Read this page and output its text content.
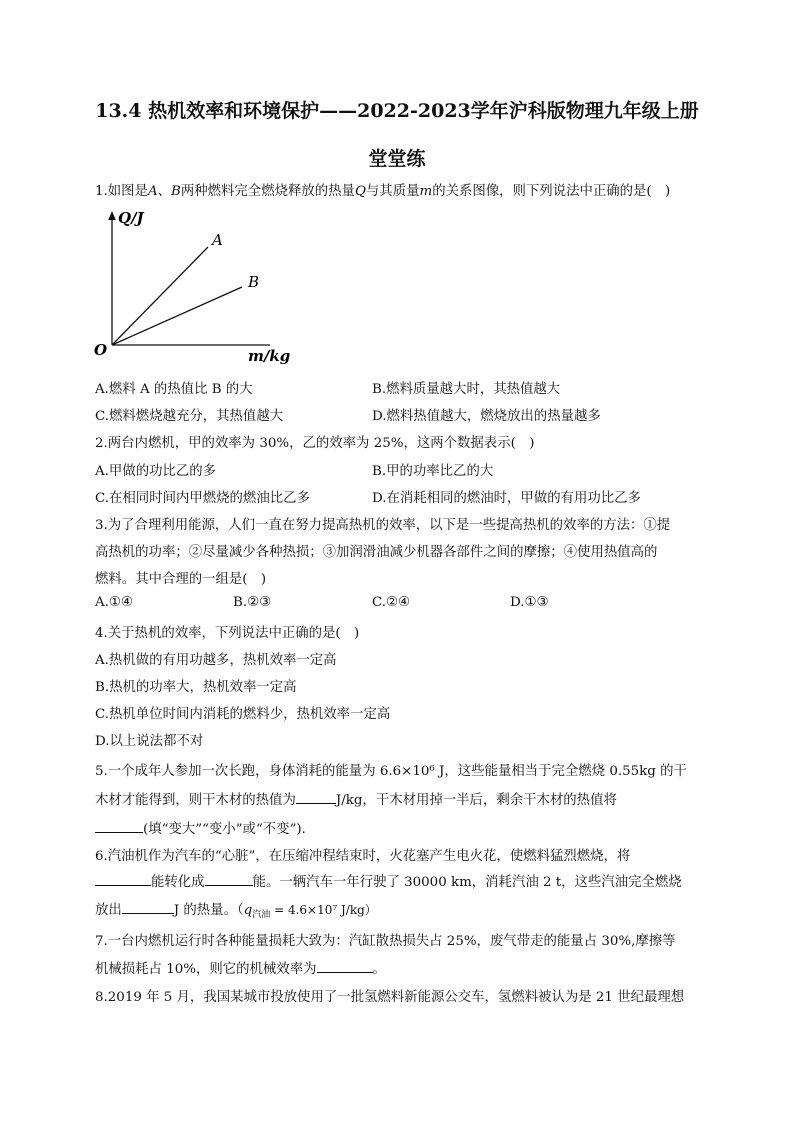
13.4 热机效率和环境保护——2022-2023学年沪科版物理九年级上册
堂堂练
1.如图是A、B两种燃料完全燃烧释放的热量Q与其质量m的关系图像，则下列说法中正确的是(　)
Q/J
m/kg
O
A
B
A.燃料 A 的热值比 B 的大	B.燃料质量越大时，其热值越大
C.燃料燃烧越充分，其热值越大	D.燃料热值越大，燃烧放出的热量越多
2.两台内燃机，甲的效率为 30%，乙的效率为 25%，这两个数据表示(　)
A.甲做的功比乙的多	B.甲的功率比乙的大
C.在相同时间内甲燃烧的燃油比乙多	D.在消耗相同的燃油时，甲做的有用功比乙多
3.为了合理利用能源，人们一直在努力提高热机的效率，以下是一些提高热机的效率的方法：①提
高热机的功率；②尽量减少各种热损；③加润滑油减少机器各部件之间的摩擦；④使用热值高的
燃料。其中合理的一组是(　)
A.①④	B.②③	C.②④	D.①③
4.关于热机的效率，下列说法中正确的是(　)
A.热机做的有用功越多，热机效率一定高
B.热机的功率大，热机效率一定高
C.热机单位时间内消耗的燃料少，热机效率一定高
D.以上说法都不对
5.一个成年人参加一次长跑，身体消耗的能量为 6.6×10⁶ J，这些能量相当于完全燃烧 0.55kg 的干
木材才能得到，则干木材的热值为	J/kg，干木材用掉一半后，剩余干木材的热值将
(填“变大”“变小”或“不变”)．
6.汽油机作为汽车的“心脏”，在压缩冲程结束时，火花塞产生电火花，使燃料猛烈燃烧，将
能转化成	能。一辆汽车一年行驶了 30000 km，消耗汽油 2 t，这些汽油完全燃烧
放出	J 的热量。（$q_{汽油} = 4.6\times 10^7$ J/kg）
7.一台内燃机运行时各种能量损耗大致为：汽缸散热损失占 25%，废气带走的能量占 30%,摩擦等
机械损耗占 10%，则它的机械效率为	。
8.2019 年 5 月，我国某城市投放使用了一批氢燃料新能源公交车，氢燃料被认为是 21 世纪最理想
